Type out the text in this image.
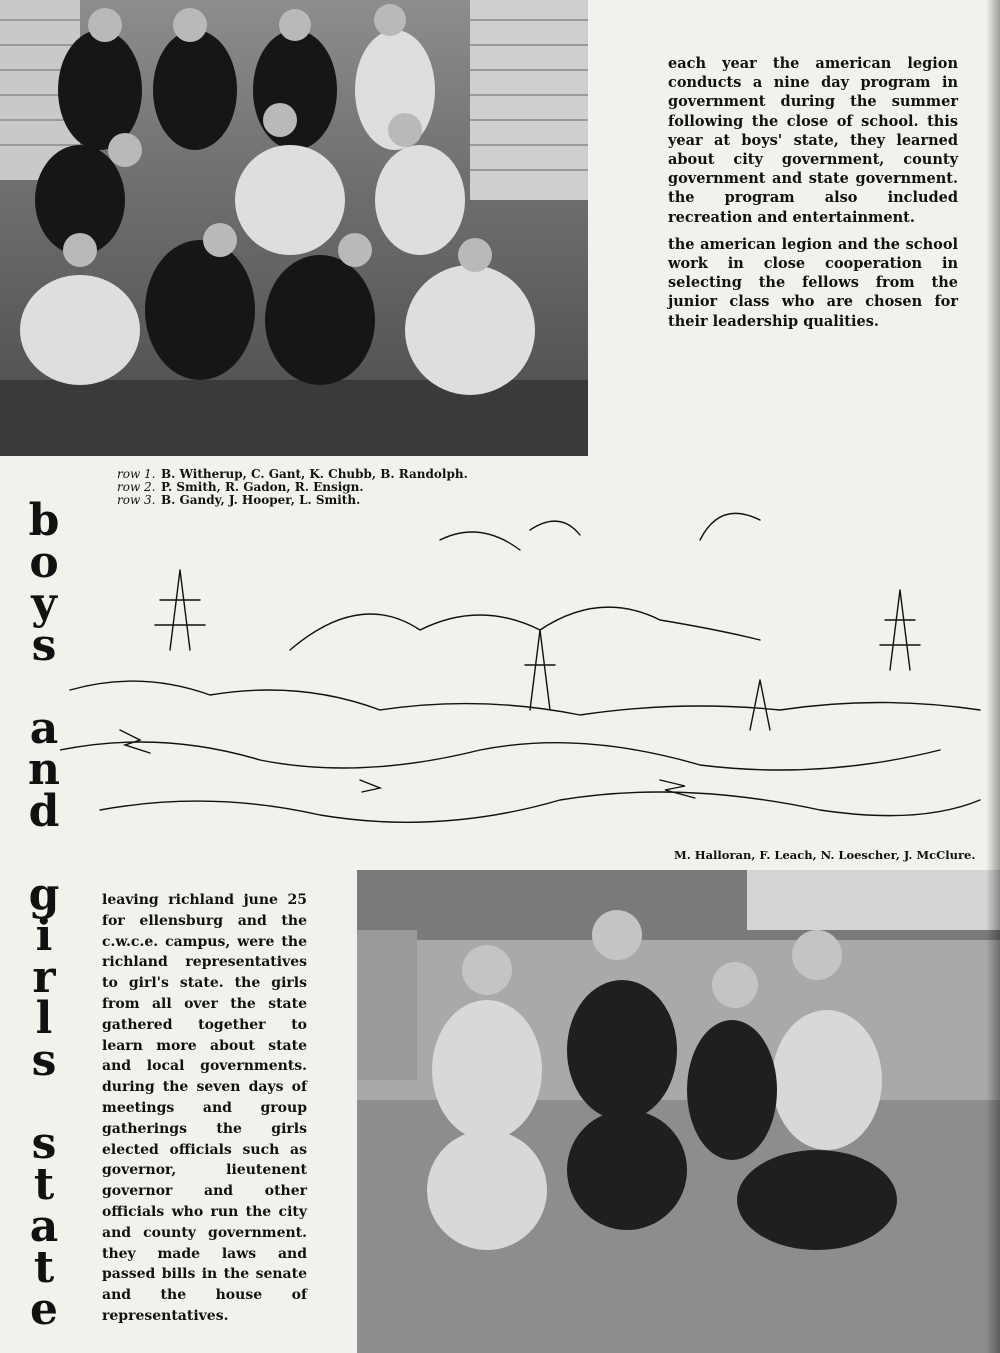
each year the american legion conducts a nine day program in government during the summer following the close of school. this year at boys' state, they learned about city government, county government and state government. the program also included recreation and entertainment.

the american legion and the school work in close cooperation in selecting the fellows from the junior class who are chosen for their leadership qualities.

row 1. B. Witherup, C. Gant, K. Chubb, B. Randolph.
row 2. P. Smith, R. Gadon, R. Ensign.
row 3. B. Gandy, J. Hooper, L. Smith.
b
o
y
s

a
n
d

g
i
r
l
s

s
t
a
t
e
M. Halloran, F. Leach, N. Loescher, J. McClure.

leaving richland june 25 for ellensburg and the c.w.c.e. campus, were the richland representatives to girl's state. the girls from all over the state gathered together to learn more about state and local governments. during the seven days of meetings and group gatherings the girls elected officials such as governor, lieutenent governor and other officials who run the city and county government. they made laws and passed bills in the senate and the house of representatives.
